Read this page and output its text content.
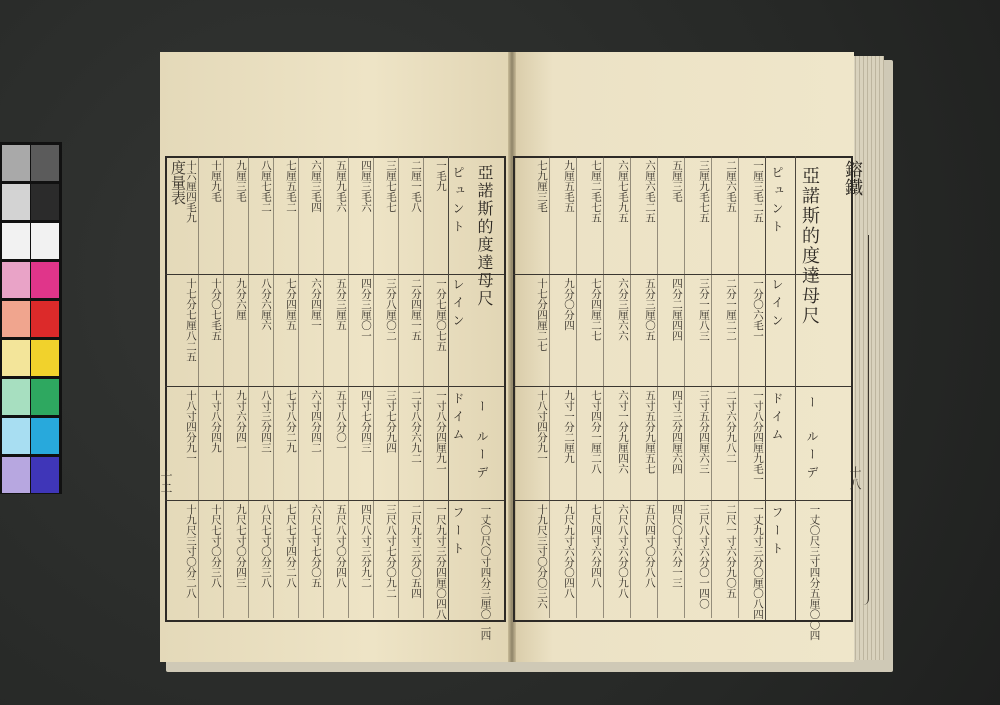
亞諾斯的度達母尺
ピュント
レイン
ドイム
フート
ー
ルーデ
一丈〇尺〇寸四分三厘〇二四
一毛九
一分七厘〇七五
一寸八分四厘九一
一尺九寸三分四厘〇四八
二厘一毛八
二分四厘一五
二寸八分六九二
二尺九寸三分〇五四
三厘七毛七
三分八厘〇二
三寸七分九四
三尺八寸七分〇九二
四厘三毛六
四分三厘〇一
四寸七分四三
四尺八寸三分九二
五厘九毛六
五分三厘五
五寸八分〇一
五尺八寸〇分四八
六厘三毛四
六分四厘一
六寸四分四二
六尺七寸七分〇五
七厘五毛二
七分四厘五
七寸八分二九
七尺七寸四分二八
八厘七毛二
八分六厘六
八寸三分四三
八尺七寸〇分三八
九厘三毛
九分六厘
九寸六分四一
九尺七寸〇分四三
十厘九毛
十分〇七毛五
十寸八分四九
十尺七寸〇分三八
十六厘四毛九
十七分七厘八二五
十八寸四分九一
十九尺三寸〇分二八
亞諾斯的度達母尺
ピュント
レイン
ドイム
フート
ー
ルーデ
一丈〇尺三寸四分五厘〇〇四
一厘三毛二五
一分〇六毛一
一寸八分四厘九毛一
一丈九寸三分〇厘〇八四
二厘六毛五
二分一厘二二
二寸六分九八二
二尺一寸六分九〇五
三厘九毛七五
三分一厘八三
三寸五分四厘六三
三尺八寸六分〇一四〇
五厘三毛
四分二厘四四
四寸三分四厘六四
四尺〇寸六分一三
六厘六毛二五
五分三厘〇五
五寸五分九厘五七
五尺四寸〇分八八
六厘七毛九五
六分三厘六六
六寸一分九厘四六
六尺八寸六分〇九八
七厘二毛七五
七分四厘二七
七寸四分一厘二八
七尺四寸六分四八
九厘五毛五
九分〇分四
九寸一分二厘九
九尺九寸六分〇四八
七九厘三毛
十七分四厘二七
十八寸四分九一
十九尺三寸〇分〇三六
度量表
十二
鎔鐵
十八
